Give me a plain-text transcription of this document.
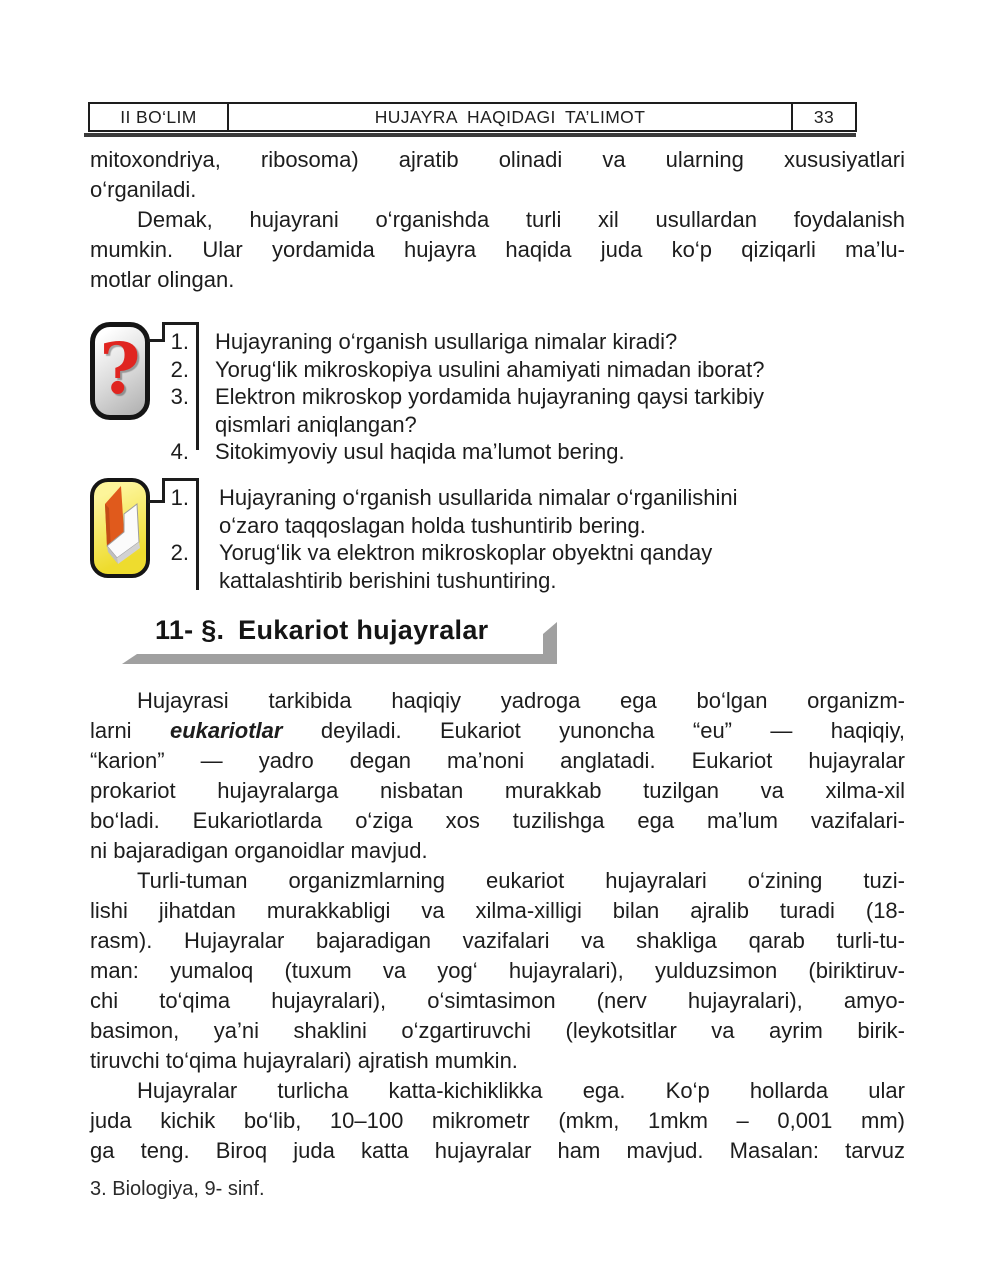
II BO‘LIM	HUJAYRA HAQIDAGI TA’LIMOT	33
mitoxondriya, ribosoma) ajratib olinadi va ularning xususiyatlari
o‘rganiladi.
Demak, hujayrani o‘rganishda turli xil usullardan foydalanish
mumkin. Ular yordamida hujayra haqida juda ko‘p qiziqarli ma’lu-
motlar olingan.
?	1.	Hujayraning o‘rganish usullariga nimalar kiradi?
2.	Yorug‘lik mikroskopiya usulini ahamiyati nimadan iborat?
3.	Elektron mikroskop yordamida hujayraning qaysi tarkibiy
qismlari aniqlangan?
4.	Sitokimyoviy usul haqida ma’lumot bering.
1.	Hujayraning o‘rganish usullarida nimalar o‘rganilishini
o‘zaro taqqoslagan holda tushuntirib bering.
2.	Yorug‘lik va elektron mikroskoplar obyektni qanday
kattalashtirib berishini tushuntiring.
11- §. Eukariot hujayralar
Hujayrasi tarkibida haqiqiy yadroga ega bo‘lgan organizm-
larni eukariotlar deyiladi. Eukariot yunoncha “eu” — haqiqiy,
“karion” — yadro degan ma’noni anglatadi. Eukariot hujayralar
prokariot hujayralarga nisbatan murakkab tuzilgan va xilma-xil
bo‘ladi. Eukariotlarda o‘ziga xos tuzilishga ega ma’lum vazifalari-
ni bajaradigan organoidlar mavjud.
Turli-tuman organizmlarning eukariot hujayralari o‘zining tuzi-
lishi jihatdan murakkabligi va xilma-xilligi bilan ajralib turadi (18-
rasm). Hujayralar bajaradigan vazifalari va shakliga qarab turli-tu-
man: yumaloq (tuxum va yog‘ hujayralari), yulduzsimon (biriktiruv-
chi to‘qima hujayralari), o‘simtasimon (nerv hujayralari), amyo-
basimon, ya’ni shaklini o‘zgartiruvchi (leykotsitlar va ayrim birik-
tiruvchi to‘qima hujayralari) ajratish mumkin.
Hujayralar turlicha katta-kichiklikka ega. Ko‘p hollarda ular
juda kichik bo‘lib, 10–100 mikrometr (mkm, 1mkm – 0,001 mm)
ga teng. Biroq juda katta hujayralar ham mavjud. Masalan: tarvuz
3. Biologiya, 9- sinf.
